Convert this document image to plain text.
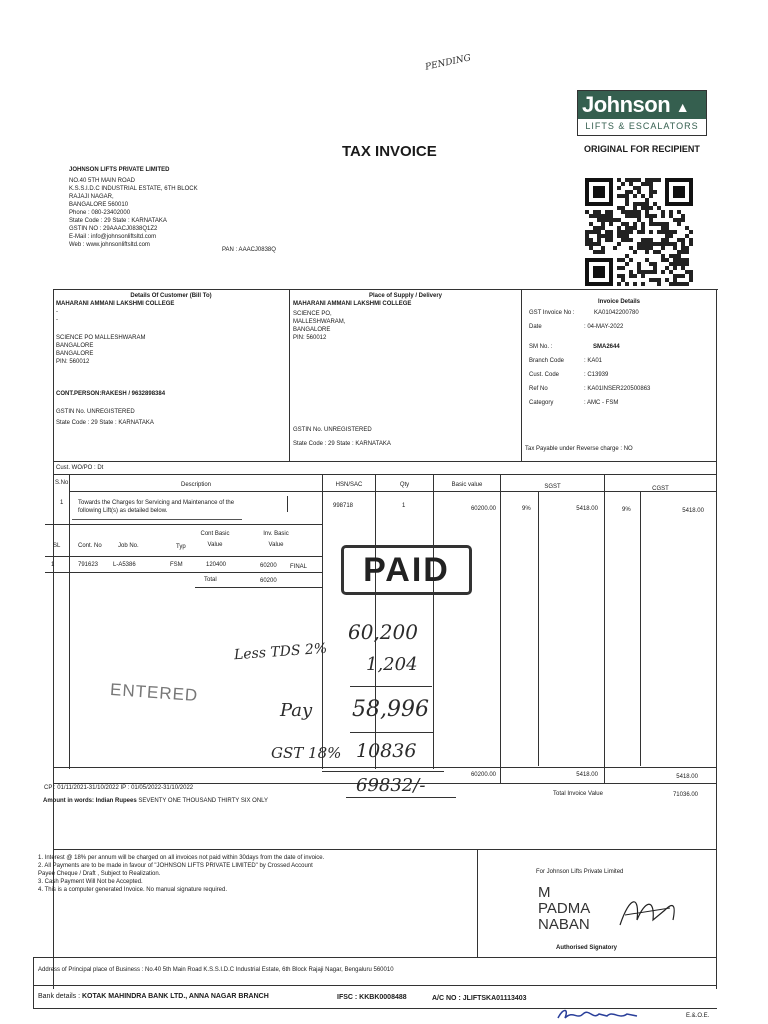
PENDING
Johnson ▲
LIFTS & ESCALATORS
TAX INVOICE	ORIGINAL FOR RECIPIENT
JOHNSON LIFTS PRIVATE LIMITED
NO.40 5TH MAIN ROAD
K.S.S.I.D.C INDUSTRIAL ESTATE, 6TH BLOCK
RAJAJI NAGAR,
BANGALORE 560010
Phone : 080-23402000
State Code : 29 State : KARNATAKA
GSTIN NO : 29AAACJ0838Q1Z2
E-Mail : info@johnsonliftsltd.com
Web : www.johnsonliftsltd.com
PAN : AAACJ0838Q
Details Of Customer (Bill To)
MAHARANI AMMANI LAKSHMI COLLEGE
-
-
SCIENCE PO MALLESHWARAM
BANGALORE
BANGALORE
PIN: 560012
CONT.PERSON:RAKESH / 9632898384
GSTIN No. UNREGISTERED
State Code : 29 State : KARNATAKA
Place of Supply / Delivery
MAHARANI AMMANI LAKSHMI COLLEGE
SCIENCE PO,
MALLESHWARAM,
BANGALORE
PIN: 560012
GSTIN No. UNREGISTERED
State Code : 29 State : KARNATAKA
Invoice Details
GST Invoice No :	KA01042200780
Date	: 04-MAY-2022
SM No. :	SMA2644
Branch Code	: KA01
Cust. Code	: C13939
Ref No	: KA01INSER220500863
Category	: AMC - FSM
Tax Payable under Reverse charge : NO
Cust. WO/PO : Dt
S.No	Description	HSN/SAC	Qty	Basic value	SGST	CGST
1 Towards the Charges for Servicing and Maintenance of the
following Lift(s) as detailed below.
998718	1	60200.00	9%	5418.00	9%	5418.00
SL	Cont. No	Job No.	Typ
Cont Basic
Value
Inv. Basic
Value
1	791623 L-A5386	FSM	120400	60200 FINAL
Total	60200	PAID
ENTERED
60,200
Less TDS 2%
1,204
Pay 58,996
GST 18% 10836
69832/-	60200.00	5418.00	5418.00
Total Invoice Value	71036.00
CP : 01/11/2021-31/10/2022 IP : 01/05/2022-31/10/2022
Amount in words: Indian Rupees SEVENTY ONE THOUSAND THIRTY SIX ONLY
1. Interest @ 18% per annum will be charged on all invoices not paid within 30days from the date of invoice.
2. All Payments are to be made in favour of "JOHNSON LIFTS PRIVATE LIMITED" by Crossed Account
Payee Cheque / Draft , Subject to Realization.
3. Cash Payment Will Not be Accepted.
4. This is a computer generated Invoice. No manual signature required.
For Johnson Lifts Private Limited
M
PADMA
NABAN
Authorised Signatory
Address of Principal place of Business : No.40 5th Main Road K.S.S.I.D.C Industrial Estate, 6th Block Rajaji Nagar, Bengaluru 560010
Bank details : KOTAK MAHINDRA BANK LTD., ANNA NAGAR BRANCH	IFSC : KKBK0008488	A/C NO : JLIFTSKA01113403
E.&.O.E.
